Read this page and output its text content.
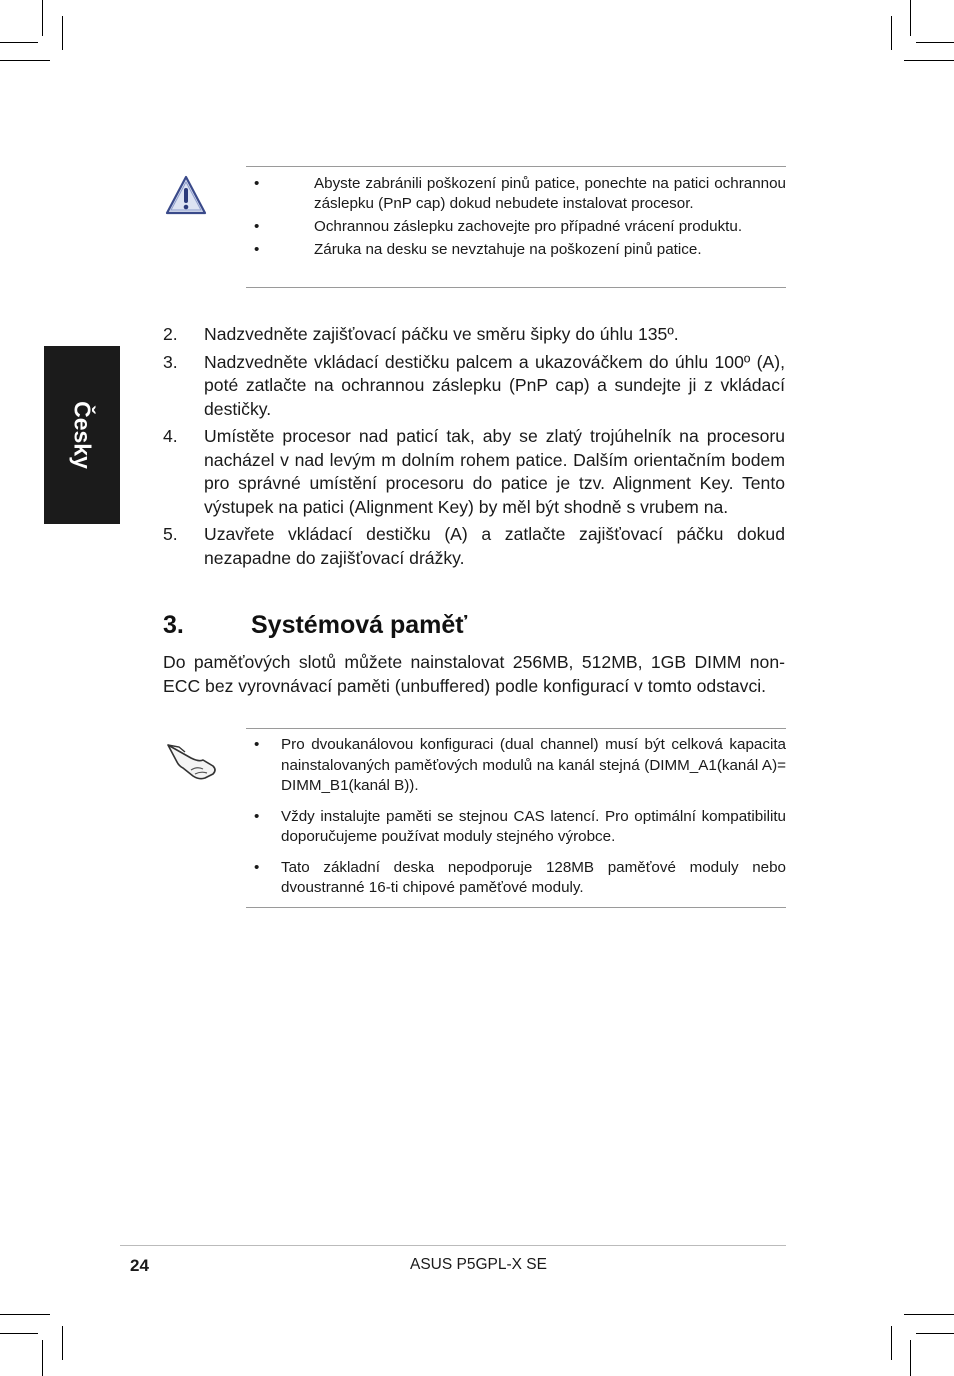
Česky
•	Abyste zabránili poškození pinů patice, ponechte na patici ochrannou záslepku (PnP cap) dokud nebudete instalovat procesor.
•	Ochrannou záslepku zachovejte pro případné vrácení produktu.
•	Záruka na desku se nevztahuje na poškození pinů patice.
2. Nadzvedněte zajišťovací páčku ve směru šipky do úhlu 135º.
3. Nadzvedněte vkládací destičku palcem a ukazováčkem do úhlu 100º (A), poté zatlačte na ochrannou záslepku (PnP cap) a sundejte ji z vkládací destičky.
4. Umístěte procesor nad paticí tak, aby se zlatý trojúhelník na procesoru nacházel v nad levým m dolním rohem patice. Dalším orientačním bodem pro správné umístění procesoru do patice je tzv. Alignment Key. Tento výstupek na patici (Alignment Key) by měl být shodně s vrubem na.
5. Uzavřete vkládací destičku (A) a zatlačte zajišťovací páčku dokud nezapadne do zajišťovací drážky.
3.	Systémová paměť

Do paměťových slotů můžete nainstalovat 256MB, 512MB, 1GB DIMM non-ECC bez vyrovnávací paměti (unbuffered) podle konfigurací v tomto odstavci.

• Pro dvoukanálovou konfiguraci (dual channel) musí být celková kapacita nainstalovaných paměťových modulů na kanál stejná (DIMM_A1(kanál A)= DIMM_B1(kanál B)).
• Vždy instalujte paměti se stejnou CAS latencí. Pro optimální kompatibilitu doporučujeme používat moduly stejného výrobce.
• Tato základní deska nepodporuje 128MB paměťové moduly nebo dvoustranné 16-ti chipové paměťové moduly.
24	ASUS P5GPL-X SE
